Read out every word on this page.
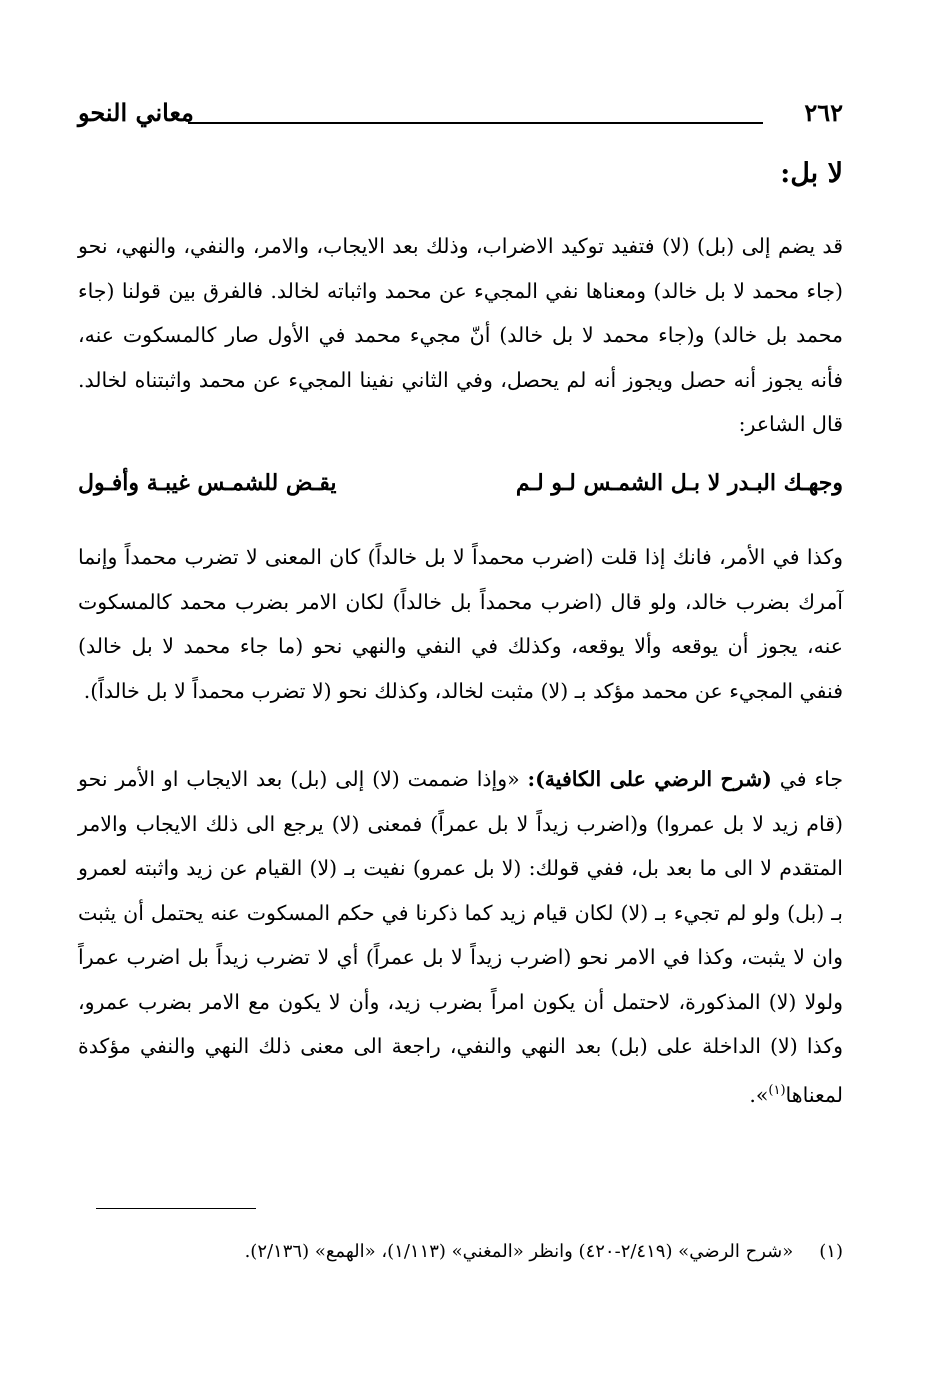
٢٦٢
معاني النحو
لا بل:

قد يضم إلى (بل) (لا) فتفيد توكيد الاضراب، وذلك بعد الايجاب، والامر، والنفي، والنهي، نحو (جاء محمد لا بل خالد) ومعناها نفي المجيء عن محمد واثباته لخالد. فالفرق بين قولنا (جاء محمد بل خالد) و(جاء محمد لا بل خالد) أنّ مجيء محمد في الأول صار كالمسكوت عنه، فأنه يجوز أنه حصل ويجوز أنه لم يحصل، وفي الثاني نفينا المجيء عن محمد واثبتناه لخالد. قال الشاعر:

وجهـك البـدر لا بـل الشمـس لـو لـم
يقـض للشمـس غيبـة وأفـول

وكذا في الأمر، فانك إذا قلت (اضرب محمداً لا بل خالداً) كان المعنى لا تضرب محمداً وإنما آمرك بضرب خالد، ولو قال (اضرب محمداً بل خالداً) لكان الامر بضرب محمد كالمسكوت عنه، يجوز أن يوقعه وألا يوقعه، وكذلك في النفي والنهي نحو (ما جاء محمد لا بل خالد) فنفي المجيء عن محمد مؤكد بـ (لا) مثبت لخالد، وكذلك نحو (لا تضرب محمداً لا بل خالداً).

جاء في (شرح الرضي على الكافية): «وإذا ضممت (لا) إلى (بل) بعد الايجاب او الأمر نحو (قام زيد لا بل عمروا) و(اضرب زيداً لا بل عمراً) فمعنى (لا) يرجع الى ذلك الايجاب والامر المتقدم لا الى ما بعد بل، ففي قولك: (لا بل عمرو) نفيت بـ (لا) القيام عن زيد واثبته لعمرو بـ (بل) ولو لم تجيء بـ (لا) لكان قيام زيد كما ذكرنا في حكم المسكوت عنه يحتمل أن يثبت وان لا يثبت، وكذا في الامر نحو (اضرب زيداً لا بل عمراً) أي لا تضرب زيداً بل اضرب عمراً ولولا (لا) المذكورة، لاحتمل أن يكون امراً بضرب زيد، وأن لا يكون مع الامر بضرب عمرو، وكذا (لا) الداخلة على (بل) بعد النهي والنفي، راجعة الى معنى ذلك النهي والنفي مؤكدة لمعناها$^{(١)}$».

(١)«شرح الرضي» (٢/٤١٩-٤٢٠) وانظر «المغني» (١/١١٣)، «الهمع» (٢/١٣٦).
